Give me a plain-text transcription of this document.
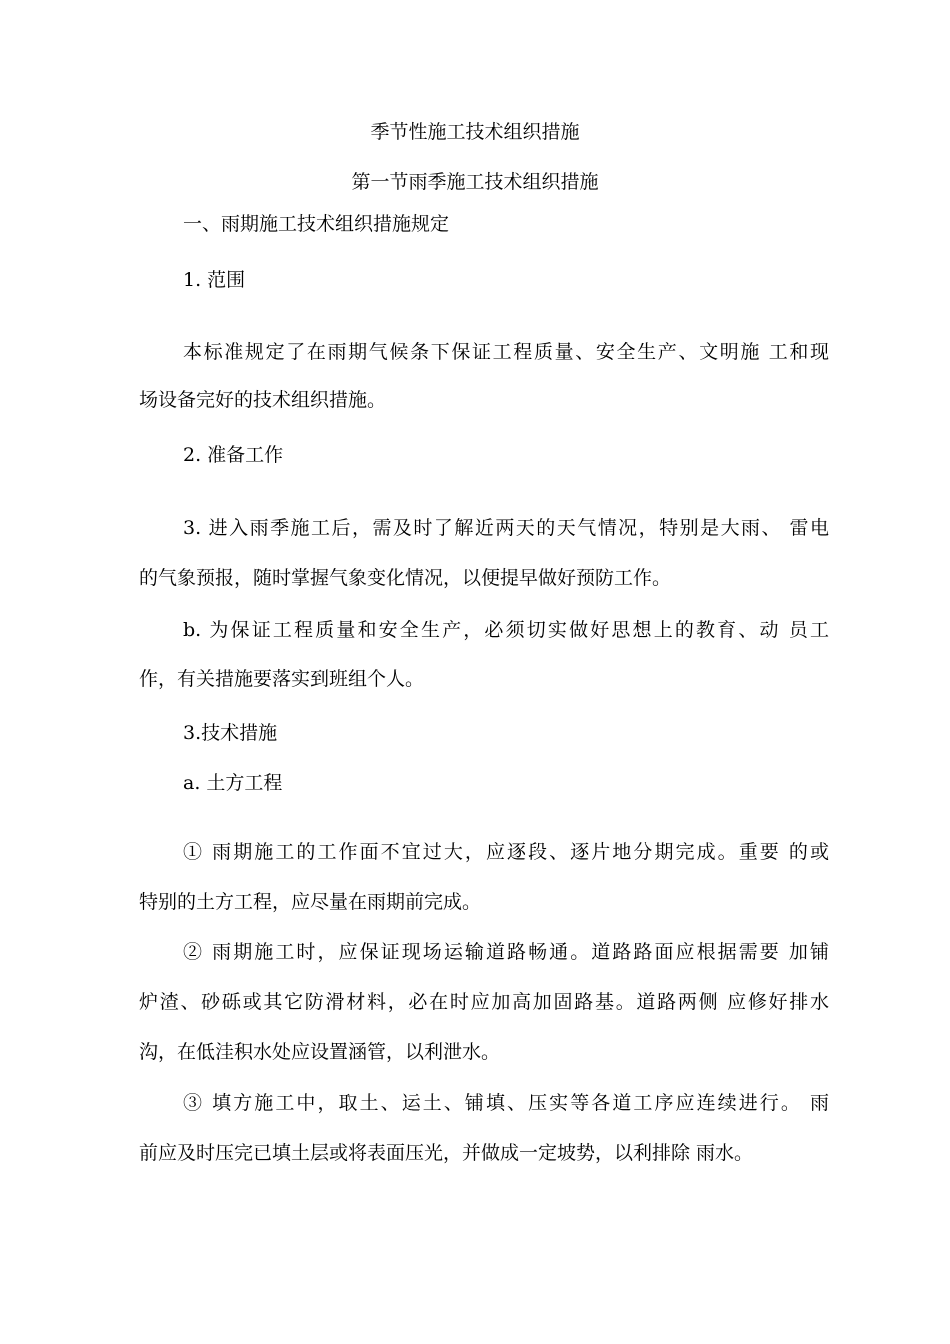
季节性施工技术组织措施
第一节雨季施工技术组织措施
一、雨期施工技术组织措施规定
1. 范围
本标准规定了在雨期气候条下保证工程质量、安全生产、文明施 工和现
场设备完好的技术组织措施。
2. 准备工作
3. 进入雨季施工后，需及时了解近两天的天气情况，特别是大雨、 雷电
的气象预报，随时掌握气象变化情况，以便提早做好预防工作。
b. 为保证工程质量和安全生产，必须切实做好思想上的教育、动 员工
作，有关措施要落实到班组个人。
3.技术措施
a. 土方工程
① 雨期施工的工作面不宜过大，应逐段、逐片地分期完成。重要 的或
特别的土方工程，应尽量在雨期前完成。
② 雨期施工时，应保证现场运输道路畅通。道路路面应根据需要 加铺
炉渣、砂砾或其它防滑材料，必在时应加高加固路基。道路两侧 应修好排水
沟，在低洼积水处应设置涵管，以利泄水。
③ 填方施工中，取土、运土、铺填、压实等各道工序应连续进行。 雨
前应及时压完已填土层或将表面压光，并做成一定坡势，以利排除 雨水。
